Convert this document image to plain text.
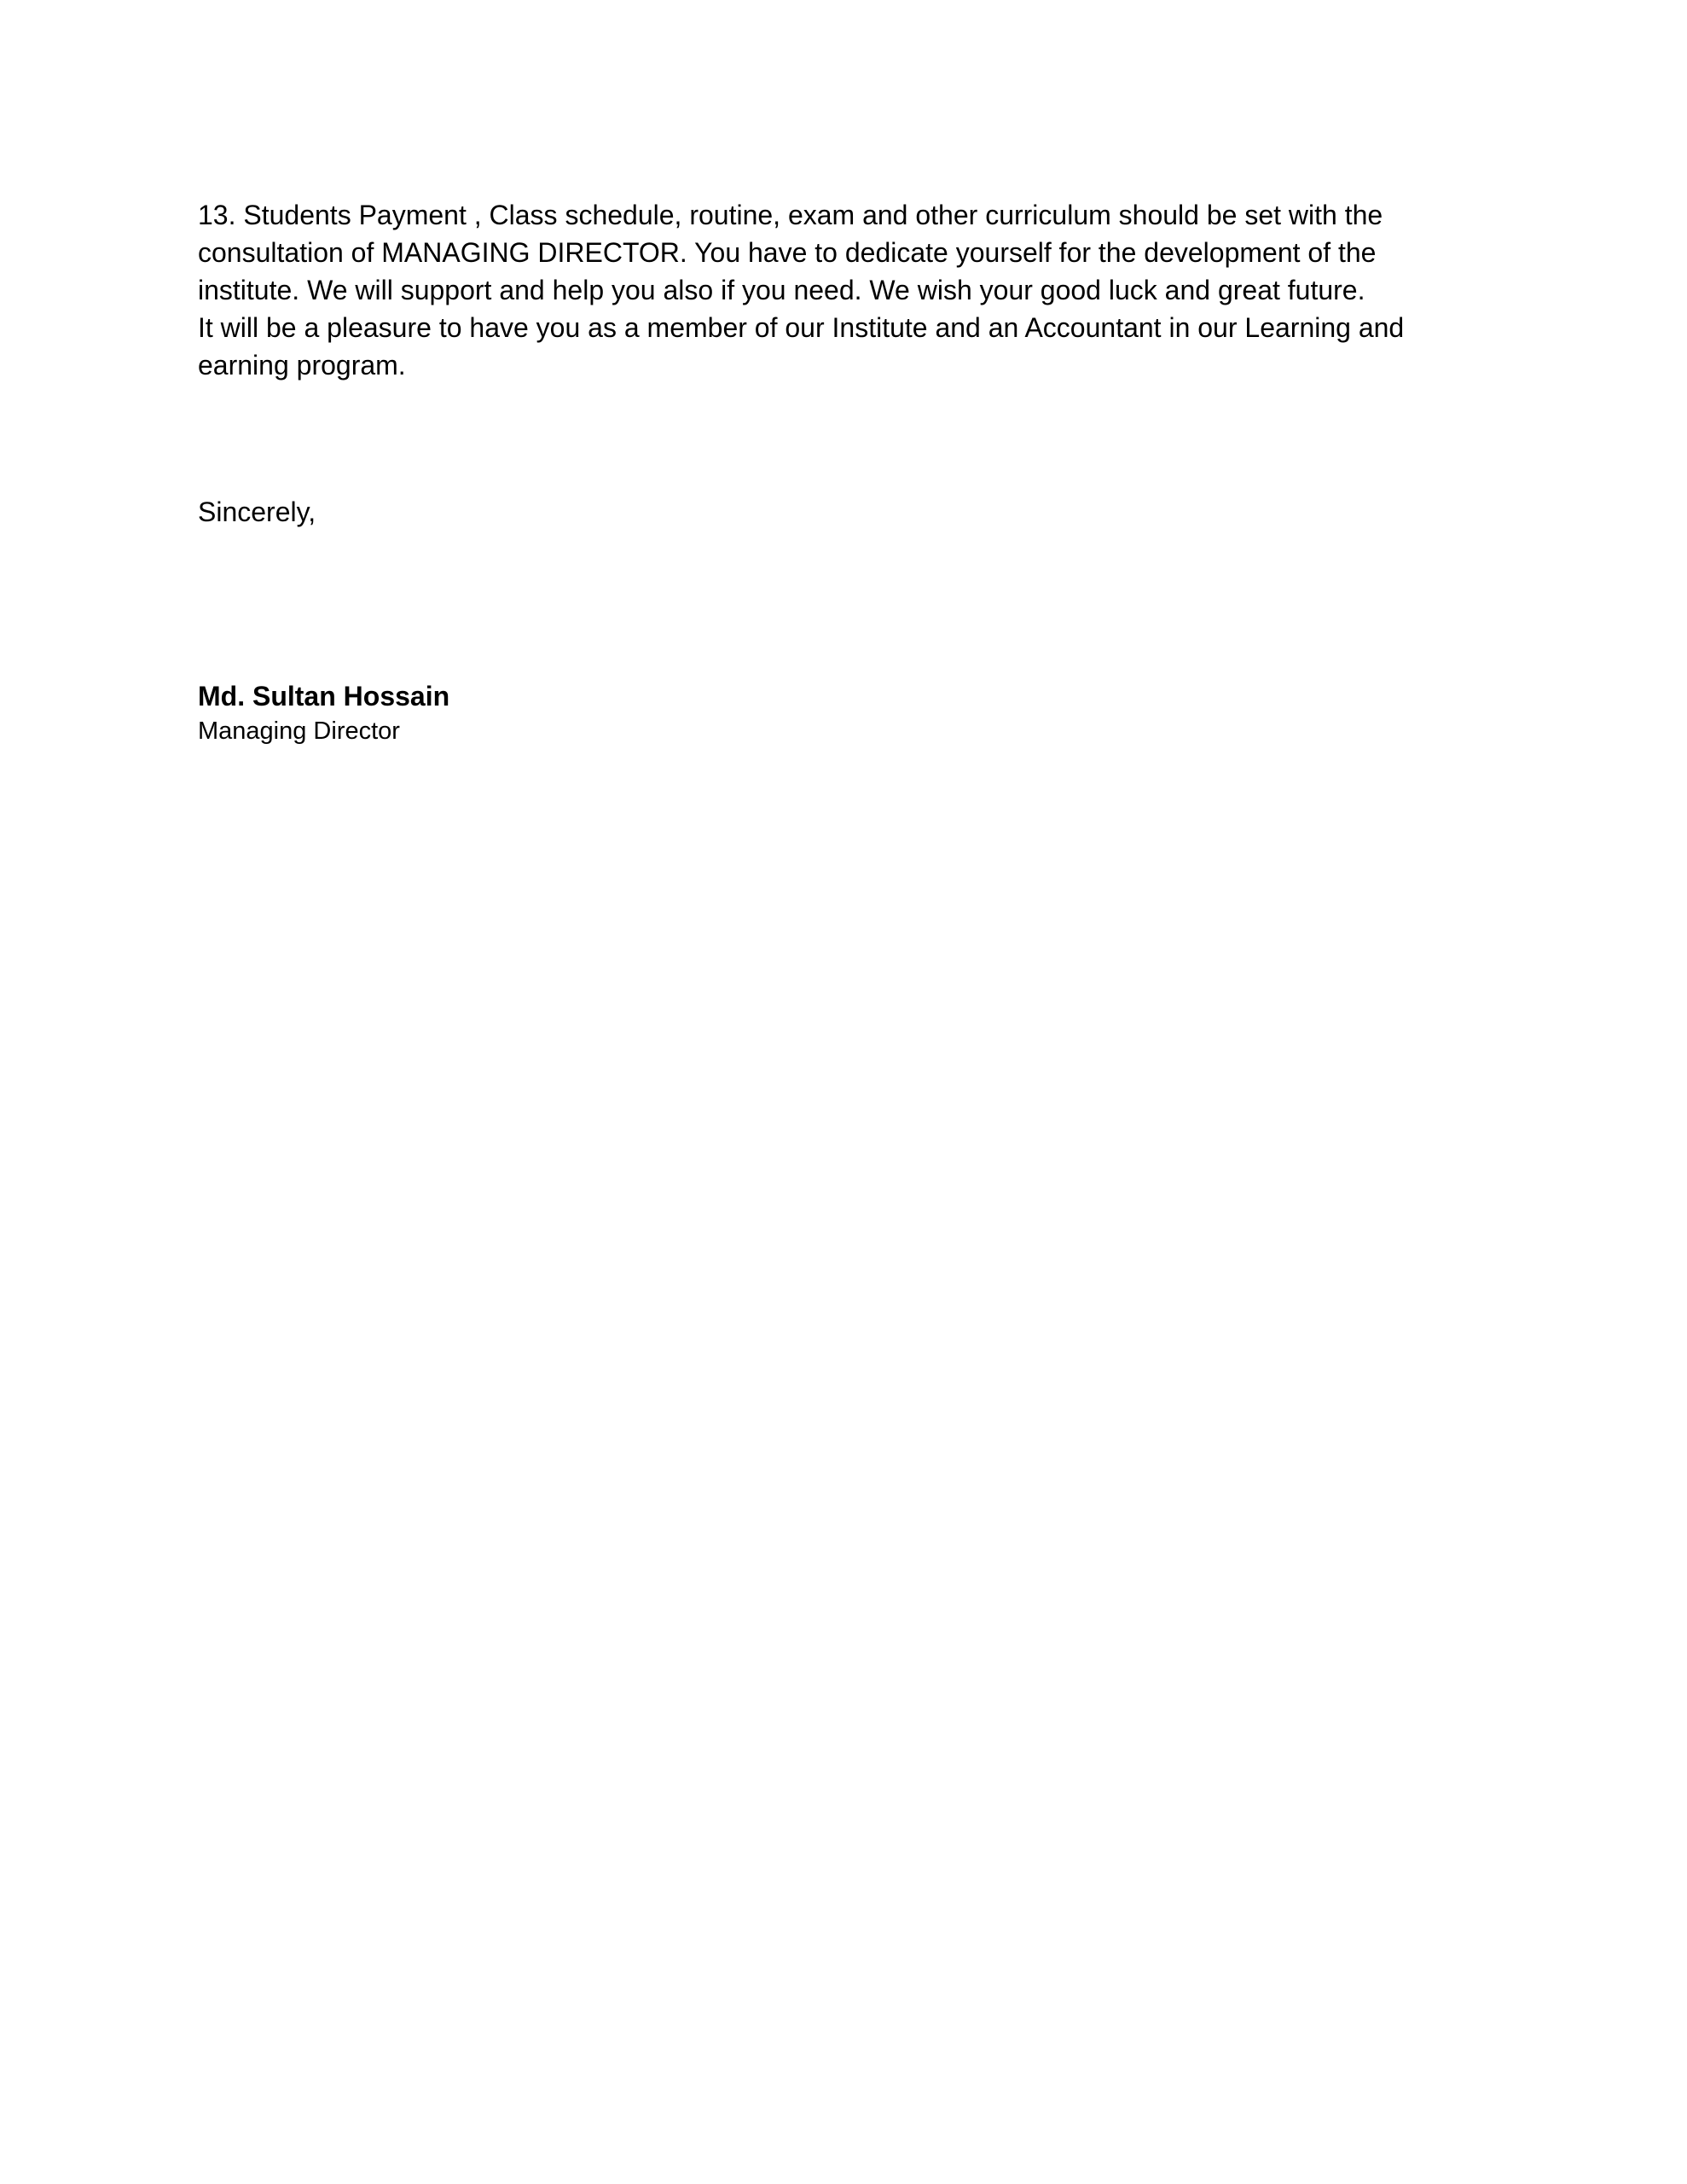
13. Students Payment , Class schedule, routine, exam and other curriculum should be set with the
consultation of MANAGING DIRECTOR. You have to dedicate yourself for the development of the
institute. We will support and help you also if you need. We wish your good luck and great future.
It will be a pleasure to have you as a member of our Institute and an Accountant in our Learning and
earning program.

Sincerely,

Md. Sultan Hossain

Managing Director
